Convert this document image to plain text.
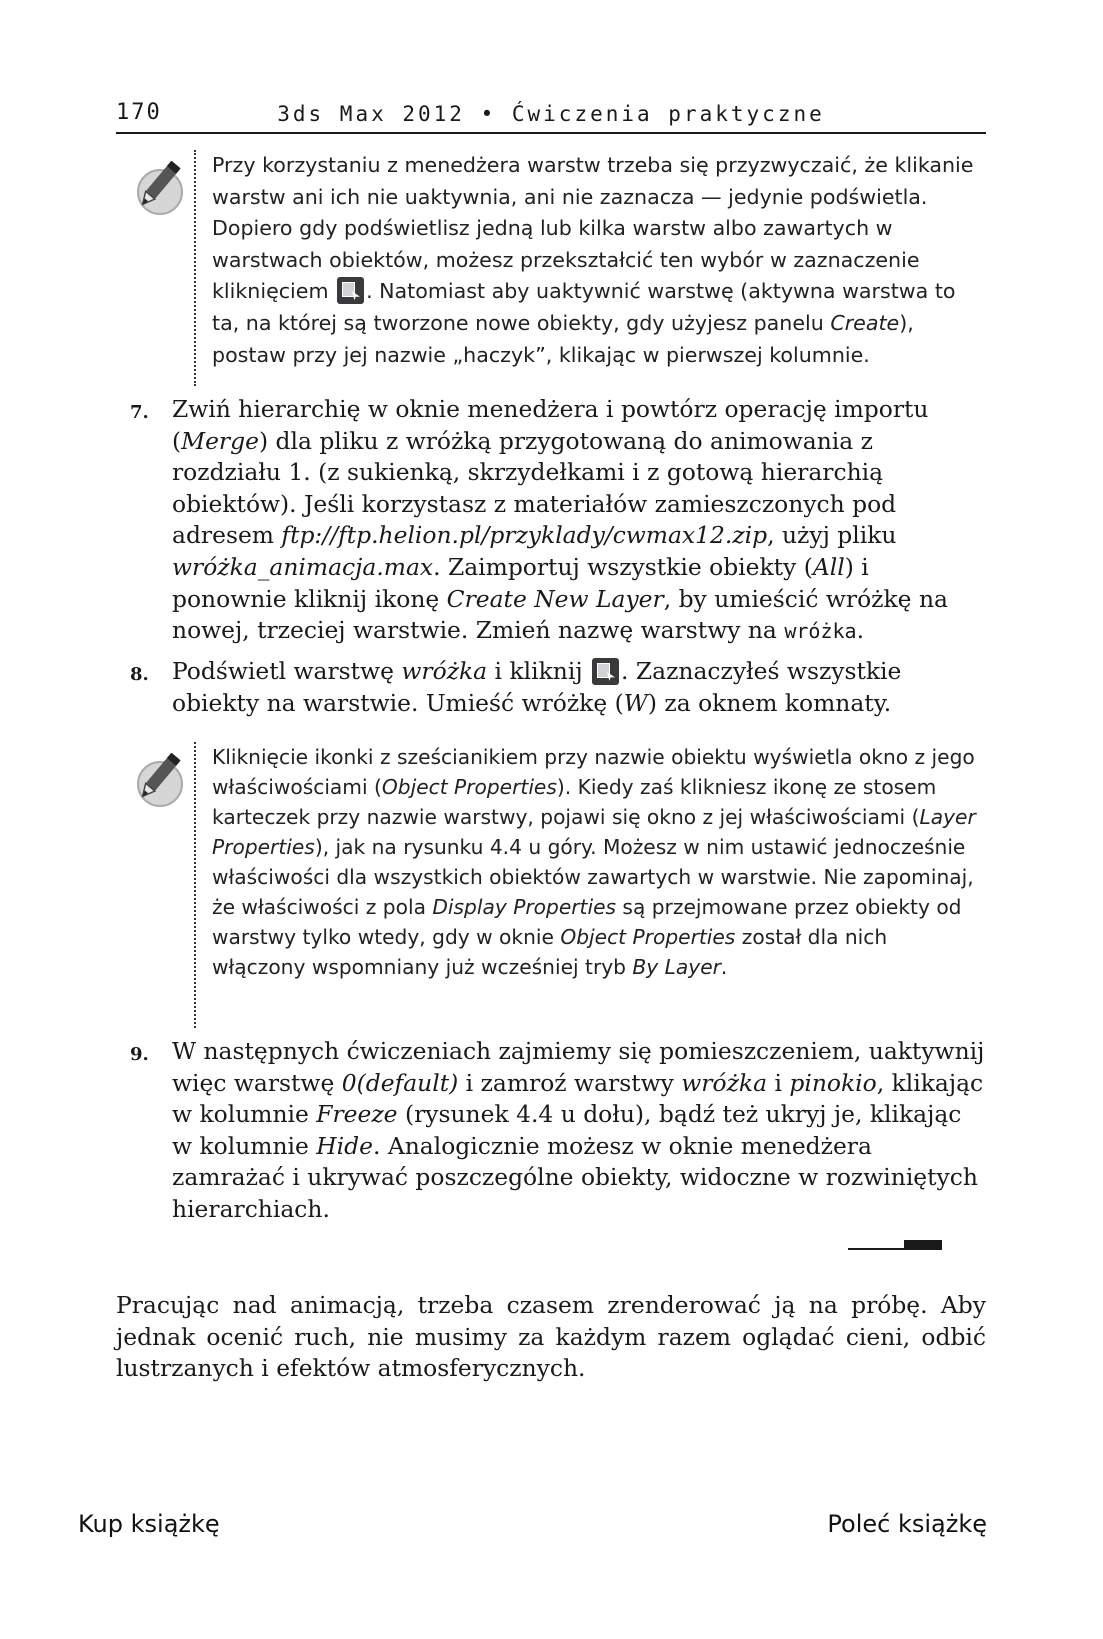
170	3ds Max 2012 • Ćwiczenia praktyczne

Przy korzystaniu z menedżera warstw trzeba się przyzwyczaić, że klikanie warstw ani ich nie uaktywnia, ani nie zaznacza — jedynie podświetla. Dopiero gdy podświetlisz jedną lub kilka warstw albo zawartych w warstwach obiektów, możesz przekształcić ten wybór w zaznaczenie kliknięciem . Natomiast aby uaktywnić warstwę (aktywna warstwa to ta, na której są tworzone nowe obiekty, gdy użyjesz panelu Create), postaw przy jej nazwie „haczyk”, klikając w pierwszej kolumnie.

7. Zwiń hierarchię w oknie menedżera i powtórz operację importu (Merge) dla pliku z wróżką przygotowaną do animowania z rozdziału 1. (z sukienką, skrzydełkami i z gotową hierarchią obiektów). Jeśli korzystasz z materiałów zamieszczonych pod adresem ftp://ftp.helion.pl/przyklady/cwmax12.zip, użyj pliku wróżka_animacja.max. Zaimportuj wszystkie obiekty (All) i ponownie kliknij ikonę Create New Layer, by umieścić wróżkę na nowej, trzeciej warstwie. Zmień nazwę warstwy na wróżka.
8. Podświetl warstwę wróżka i kliknij . Zaznaczyłeś wszystkie obiekty na warstwie. Umieść wróżkę (W) za oknem komnaty.

Kliknięcie ikonki z sześcianikiem przy nazwie obiektu wyświetla okno z jego właściwościami (Object Properties). Kiedy zaś klikniesz ikonę ze stosem karteczek przy nazwie warstwy, pojawi się okno z jej właściwościami (Layer Properties), jak na rysunku 4.4 u góry. Możesz w nim ustawić jednocześnie właściwości dla wszystkich obiektów zawartych w warstwie. Nie zapominaj, że właściwości z pola Display Properties są przejmowane przez obiekty od warstwy tylko wtedy, gdy w oknie Object Properties został dla nich włączony wspomniany już wcześniej tryb By Layer.

9. W następnych ćwiczeniach zajmiemy się pomieszczeniem, uaktywnij więc warstwę 0(default) i zamroź warstwy wróżka i pinokio, klikając w kolumnie Freeze (rysunek 4.4 u dołu), bądź też ukryj je, klikając w kolumnie Hide. Analogicznie możesz w oknie menedżera zamrażać i ukrywać poszczególne obiekty, widoczne w rozwiniętych hierarchiach.

Pracując nad animacją, trzeba czasem zrenderować ją na próbę. Aby jednak ocenić ruch, nie musimy za każdym razem oglądać cieni, odbić lustrzanych i efektów atmosferycznych.

Kup książkę	Poleć książkę
